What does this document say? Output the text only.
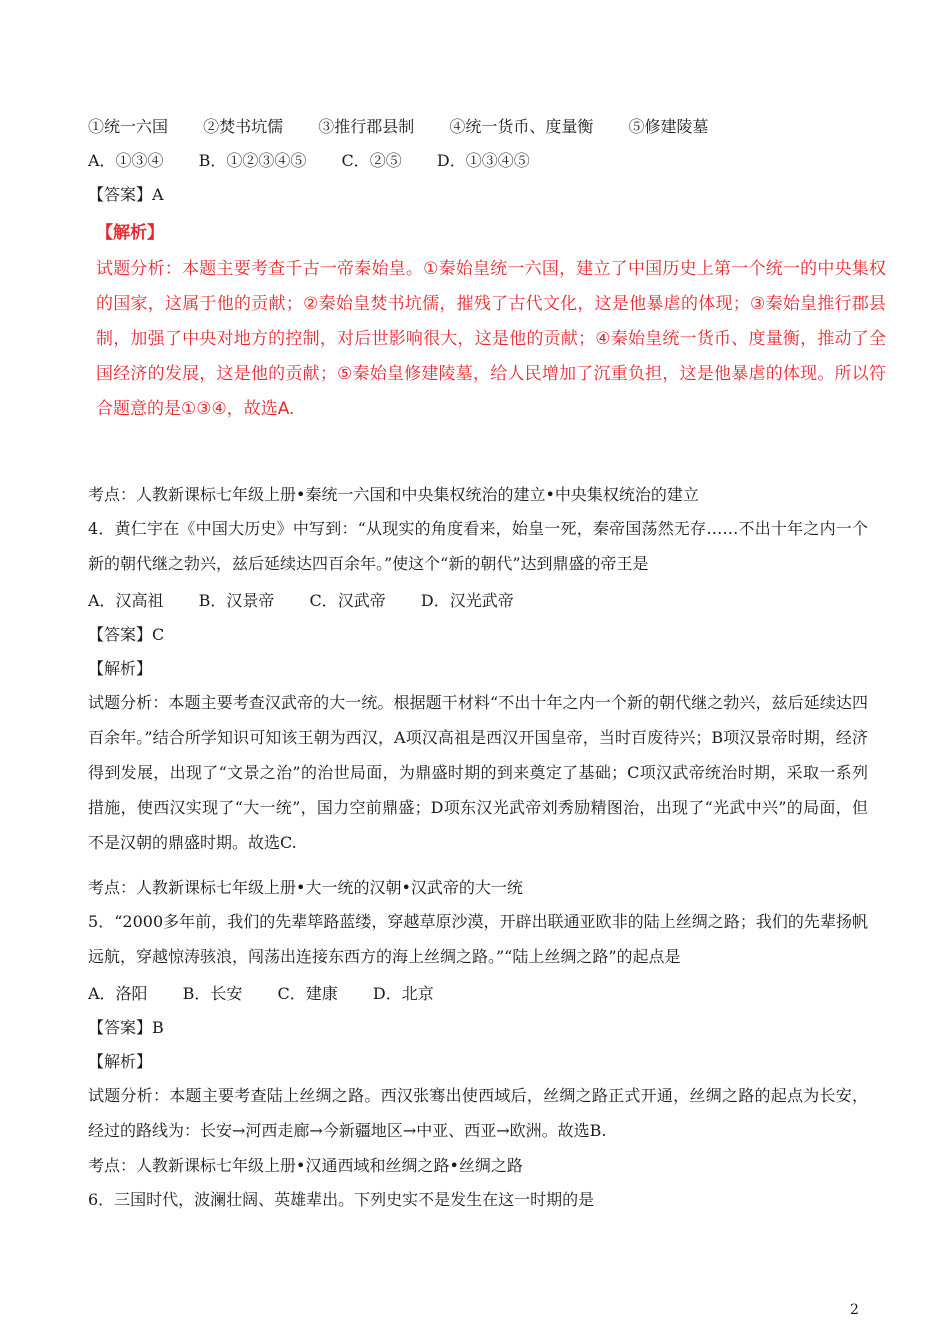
①统一六国 ②焚书坑儒 ③推行郡县制 ④统一货币、度量衡 ⑤修建陵墓
A．①③④ B．①②③④⑤ C．②⑤ D．①③④⑤
【答案】A
【解析】
试题分析：本题主要考查千古一帝秦始皇。①秦始皇统一六国，建立了中国历史上第一个统一的中央集权的国家，这属于他的贡献；②秦始皇焚书坑儒，摧残了古代文化，这是他暴虐的体现；③秦始皇推行郡县制，加强了中央对地方的控制，对后世影响很大，这是他的贡献；④秦始皇统一货币、度量衡，推动了全国经济的发展，这是他的贡献；⑤秦始皇修建陵墓，给人民增加了沉重负担，这是他暴虐的体现。所以符合题意的是①③④，故选A.
考点：人教新课标七年级上册•秦统一六国和中央集权统治的建立•中央集权统治的建立
4．黄仁宇在《中国大历史》中写到：“从现实的角度看来，始皇一死，秦帝国荡然无存……不出十年之内一个新的朝代继之勃兴，兹后延续达四百余年。”使这个“新的朝代”达到鼎盛的帝王是
A．汉高祖 B．汉景帝 C．汉武帝 D．汉光武帝
【答案】C
【解析】
试题分析：本题主要考查汉武帝的大一统。根据题干材料“不出十年之内一个新的朝代继之勃兴，兹后延续达四百余年。”结合所学知识可知该王朝为西汉，A项汉高祖是西汉开国皇帝，当时百废待兴；B项汉景帝时期，经济得到发展，出现了“文景之治”的治世局面，为鼎盛时期的到来奠定了基础；C项汉武帝统治时期，采取一系列措施，使西汉实现了“大一统”，国力空前鼎盛；D项东汉光武帝刘秀励精图治，出现了“光武中兴”的局面，但不是汉朝的鼎盛时期。故选C.
考点：人教新课标七年级上册•大一统的汉朝•汉武帝的大一统
5．“2000多年前，我们的先辈筚路蓝缕，穿越草原沙漠，开辟出联通亚欧非的陆上丝绸之路；我们的先辈扬帆远航，穿越惊涛骇浪，闯荡出连接东西方的海上丝绸之路。”“陆上丝绸之路”的起点是
A．洛阳 B．长安 C．建康 D．北京
【答案】B
【解析】
试题分析：本题主要考查陆上丝绸之路。西汉张骞出使西域后，丝绸之路正式开通，丝绸之路的起点为长安，经过的路线为：长安→河西走廊→今新疆地区→中亚、西亚→欧洲。故选B.
考点：人教新课标七年级上册•汉通西域和丝绸之路•丝绸之路
6．三国时代，波澜壮阔、英雄辈出。下列史实不是发生在这一时期的是
2
